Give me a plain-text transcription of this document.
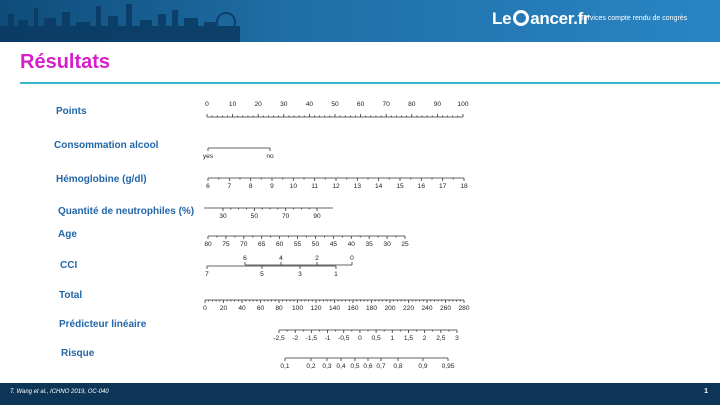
Le ancer.fr
Services compte rendu de congrès
Résultats
Points
Consommation alcool
Hémoglobine (g/dl)
Quantité de neutrophiles (%)
Age
CCI
Total
Prédicteur linéaire
Risque
0	10	20	30	40	50	60	70	80	90 100
yes	no
6	7	8	9 10 11 12 13 14 15 16 17 18
30	50	70	90
80 75 70 65 60 55 50 45 40 35 30 25
6	4	2	0
7	5	3	1
0 20 40 60 80 100 120 140 160 180 200 220 240 260 280
-2,5 -2 -1,5 -1 -0,5 0 0,5 1 1,5 2 2,5 3
0,1	0,2 0,3 0,4 0,5 0,6 0,7 0,8 0,9 0,95
T. Wang et al., ICHNO 2019, OC-040	1
